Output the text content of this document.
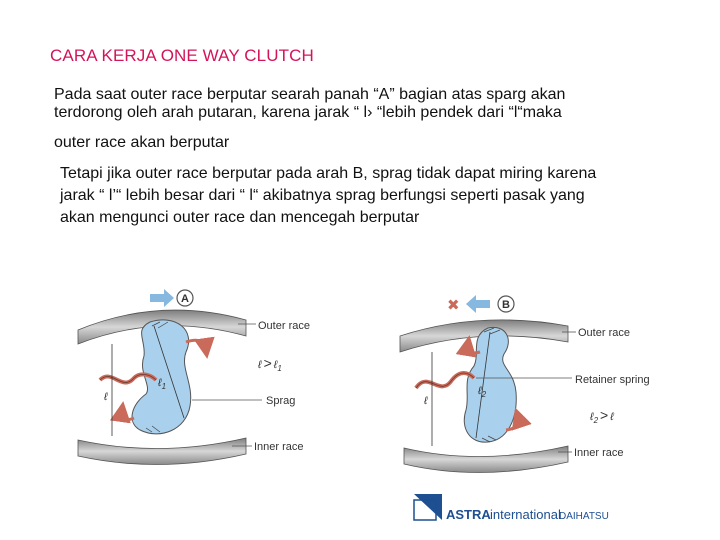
CARA KERJA ONE WAY CLUTCH
Pada saat outer race berputar searah panah “A” bagian atas sparg akan
terdorong oleh arah putaran, karena jarak “ l› “lebih pendek dari “l“maka
outer race akan berputar
Tetapi jika outer race berputar pada arah B, sprag tidak dapat miring karena
jarak “ l’“ lebih besar dari “ l“ akibatnya sprag berfungsi seperti pasak yang
akan mengunci outer race dan mencegah berputar
A
ℓ
ℓ$_1$
Outer race
Sprag
Inner race
ℓ > ℓ$_1$
✖	B
ℓ
ℓ$_2$
Outer race
Retainer spring
Inner race
ℓ$_2$ > ℓ
ASTRA international
DAIHATSU
